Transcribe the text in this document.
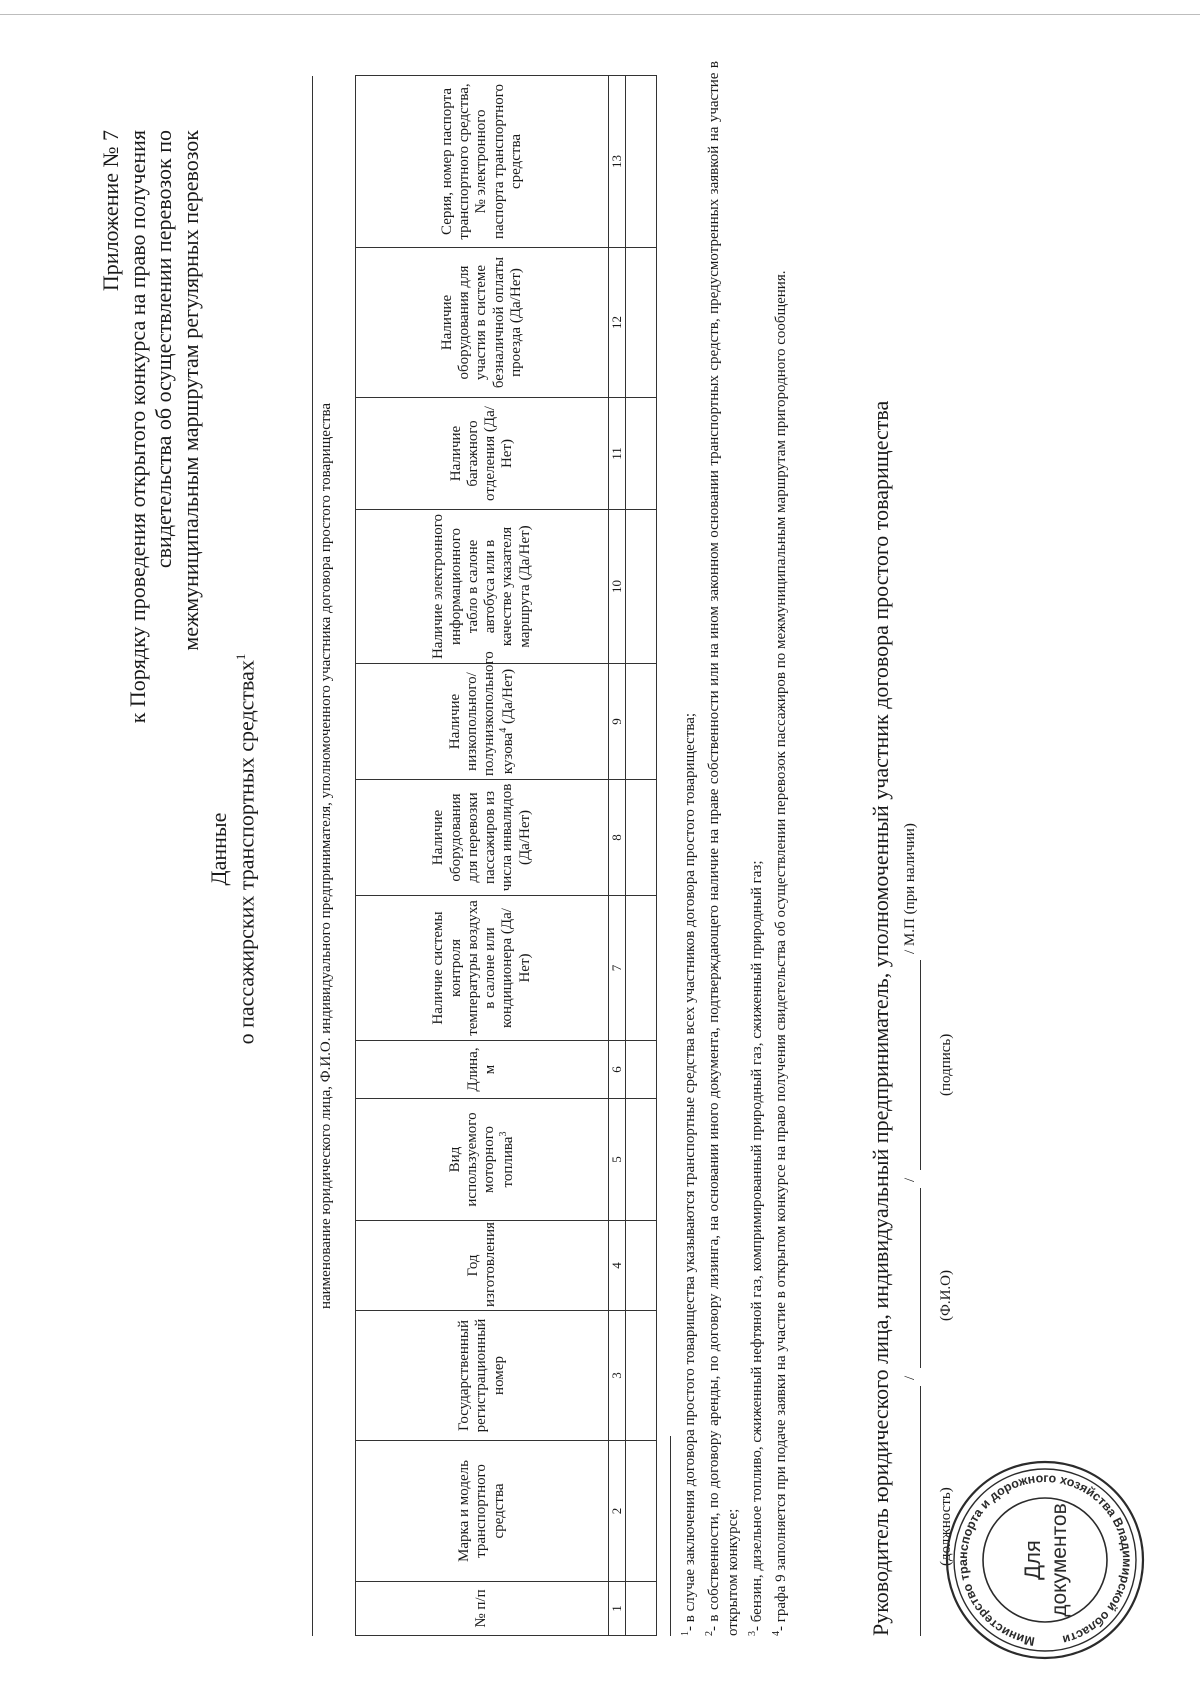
Приложение № 7 к Порядку проведения открытого конкурса на право получения свидетельства об осуществлении перевозок по межмуниципальным маршрутам регулярных перевозок
Данные о пассажирских транспортных средствах$^1$	наименование юридического лица, Ф.И.О. индивидуального предпринимателя, уполномоченного участника договора простого товарищества
№ п/п	Марка и модель транспортного средства	Государственный регистрационный номер	Год изготовления	Вид используемого моторного топлива$^3$	Длина, м	Наличие системы контроля температуры воздуха в салоне или кондиционера (Да/Нет)	Наличие оборудования для перевозки пассажиров из числа инвалидов (Да/Нет)	Наличие низкопольного/полунизкопольного кузова$^4$ (Да/Нет)	Наличие электронного информационного табло в салоне автобуса или в качестве указателя маршрута (Да/Нет)	Наличие багажного отделения (Да/Нет)	Наличие оборудования для участия в системе безналичной оплаты проезда (Да/Нет)	Серия, номер паспорта транспортного средства, № электронного паспорта транспортного средства
1	2	3	4	5	6	7	8	9	10	11	12	13

$^1$- в случае заключения договора простого товарищества указываются транспортные средства всех участников договора простого товарищества;

$^2$- в собственности, по договору аренды, по договору лизинга, на основании иного документа, подтверждающего наличие на праве собственности или на ином законном основании транспортных средств, предусмотренных заявкой на участие в открытом конкурсе; $^3$- бензин, дизельное топливо, сжиженный нефтяной газ, компримированный природный газ, сжиженный природный газ;

$^4$- графа 9 заполняется при подаче заявки на участие в открытом конкурсе на право получения свидетельства об осуществлении перевозок пассажиров по межмуниципальным маршрутам пригородного сообщения.	Руководитель юридического лица, индивидуальный предприниматель, уполномоченный участник договора простого товарищества /
/
/ М.П (при наличии)
(должность)
(Ф.И.О)
(подпись)
Министерство транспорта и дорожного хозяйства Владимирской области
Для документов
